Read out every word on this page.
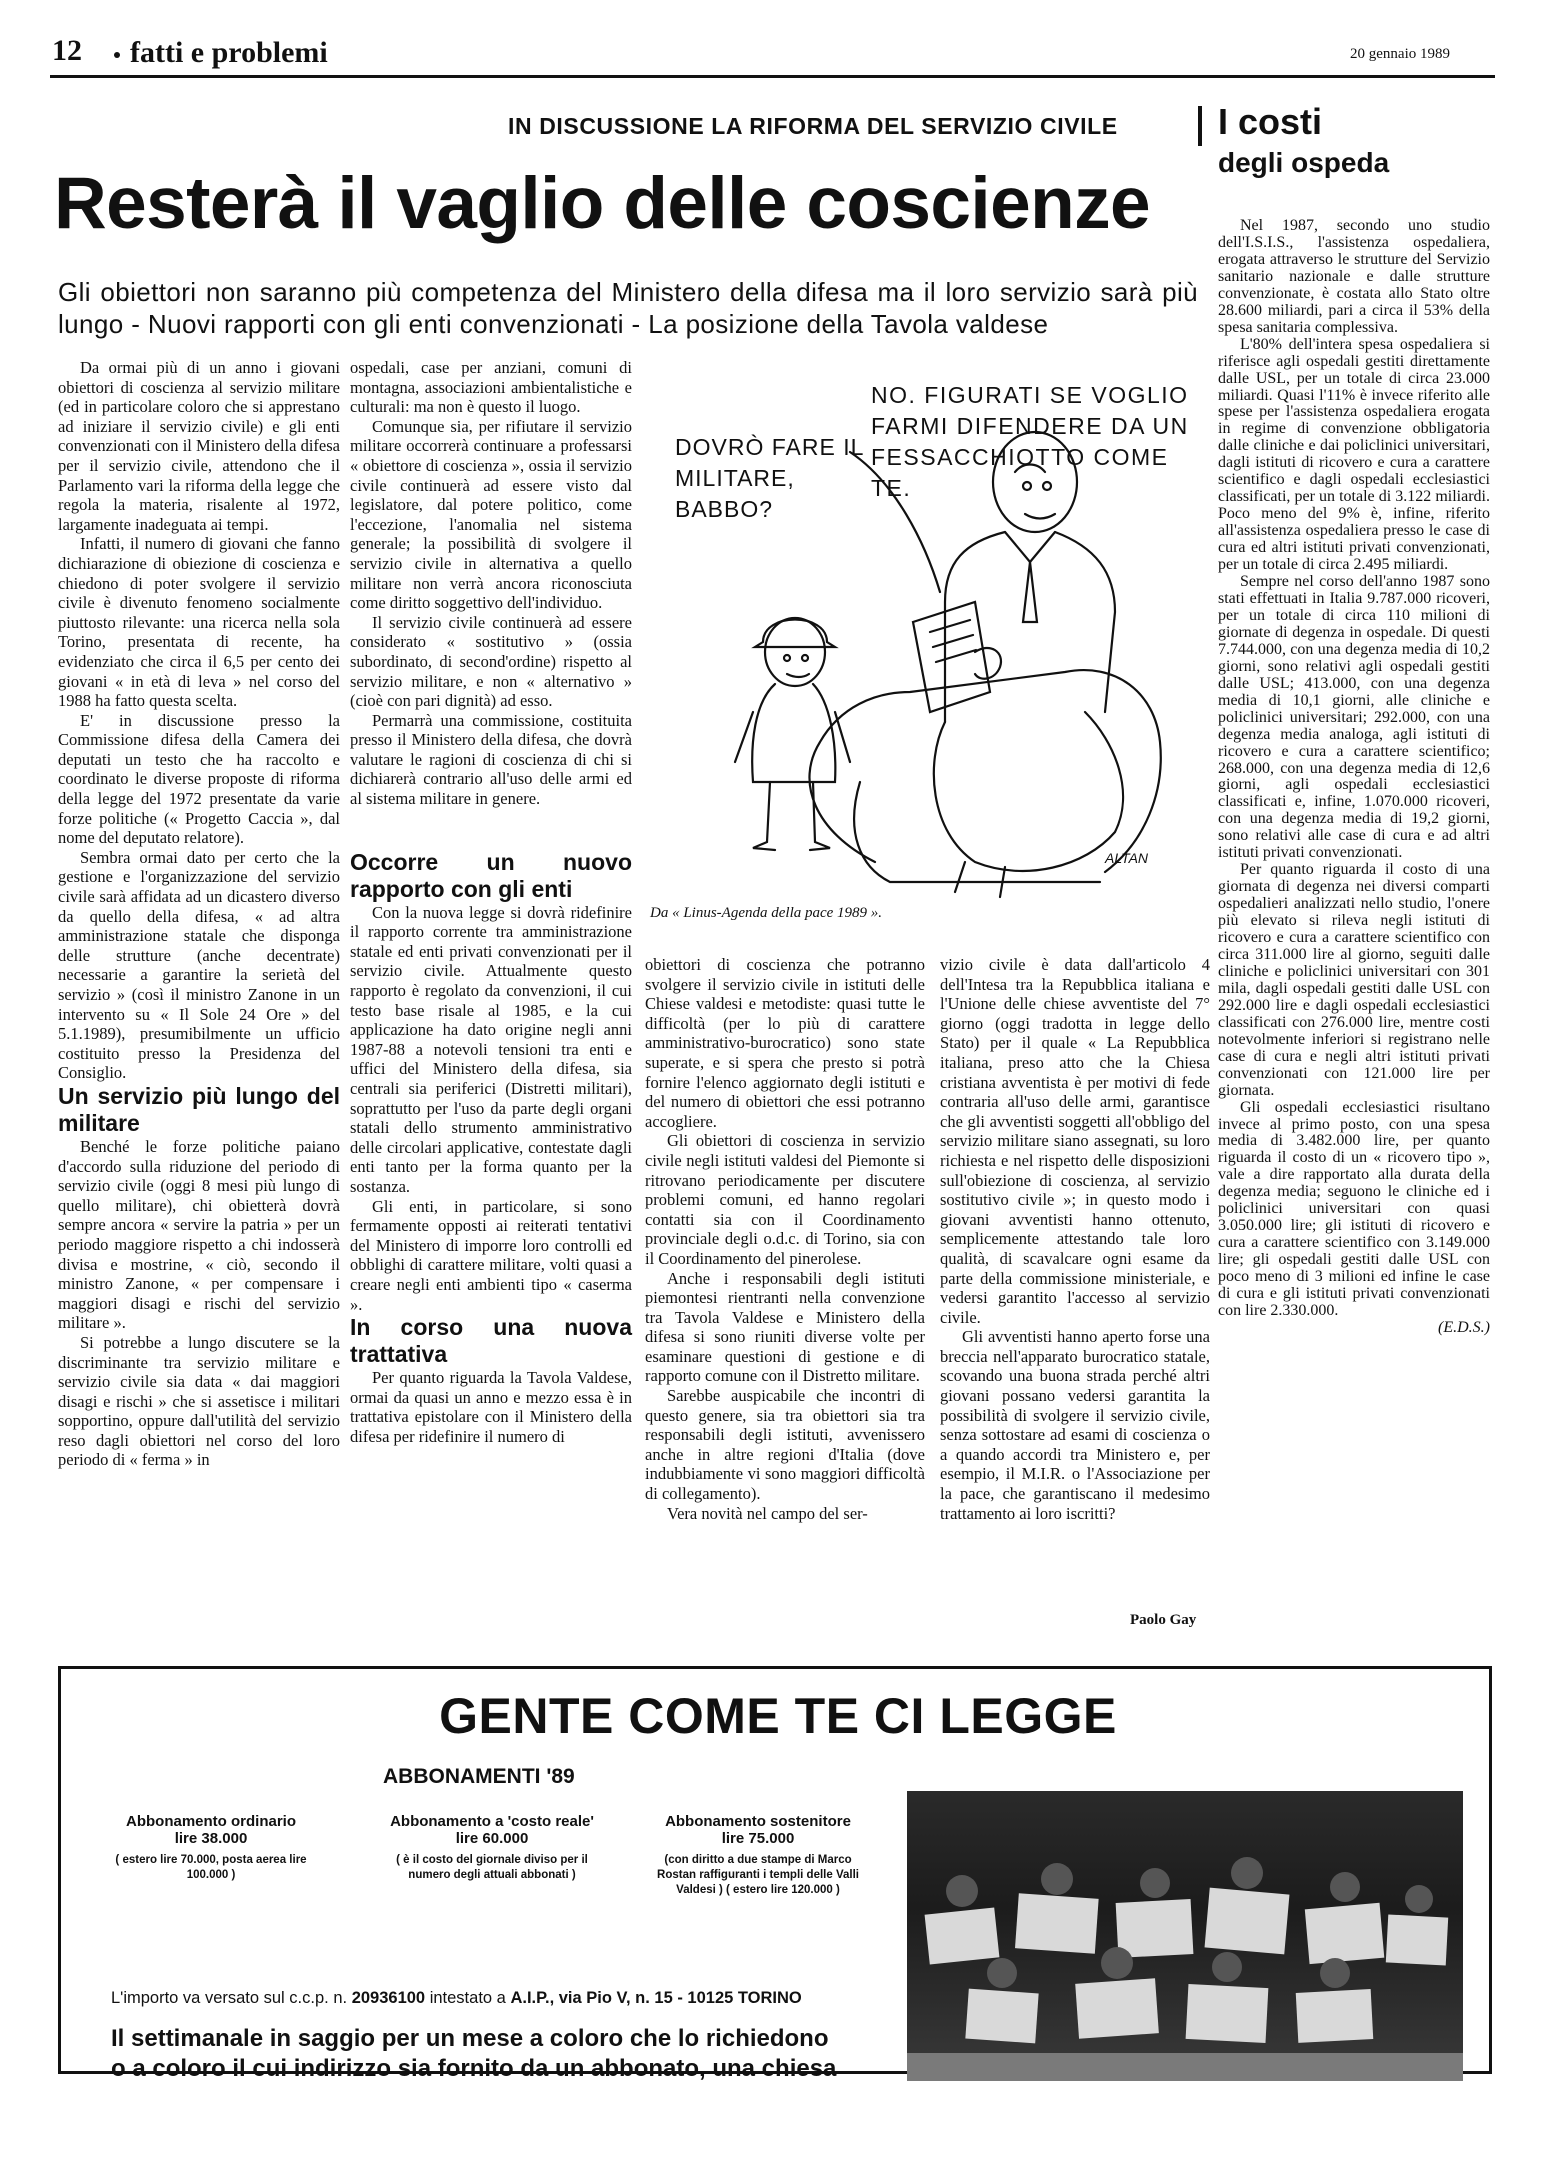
12 fatti e problemi	20 gennaio 1989
IN DISCUSSIONE LA RIFORMA DEL SERVIZIO CIVILE
Resterà il vaglio delle coscienze
Gli obiettori non saranno più competenza del Ministero della difesa ma il loro servizio sarà più lungo - Nuovi rapporti con gli enti convenzionati - La posizione della Tavola valdese

Da ormai più di un anno i giovani obiettori di coscienza al servizio militare (ed in particolare coloro che si apprestano ad iniziare il servizio civile) e gli enti convenzionati con il Ministero della difesa per il servizio civile, attendono che il Parlamento vari la riforma della legge che regola la materia, risalente al 1972, largamente inadeguata ai tempi.

Infatti, il numero di giovani che fanno dichiarazione di obiezione di coscienza e chiedono di poter svolgere il servizio civile è divenuto fenomeno socialmente piuttosto rilevante: una ricerca nella sola Torino, presentata di recente, ha evidenziato che circa il 6,5 per cento dei giovani « in età di leva » nel corso del 1988 ha fatto questa scelta.

E' in discussione presso la Commissione difesa della Camera dei deputati un testo che ha raccolto e coordinato le diverse proposte di riforma della legge del 1972 presentate da varie forze politiche (« Progetto Caccia », dal nome del deputato relatore).

Sembra ormai dato per certo che la gestione e l'organizzazione del servizio civile sarà affidata ad un dicastero diverso da quello della difesa, « ad altra amministrazione statale che disponga delle strutture (anche decentrate) necessarie a garantire la serietà del servizio » (così il ministro Zanone in un intervento su « Il Sole 24 Ore » del 5.1.1989), presumibilmente un ufficio costituito presso la Presidenza del Consiglio.

Un servizio più lungo del militare

Benché le forze politiche paiano d'accordo sulla riduzione del periodo di servizio civile (oggi 8 mesi più lungo di quello militare), chi obietterà dovrà sempre ancora « servire la patria » per un periodo maggiore rispetto a chi indosserà divisa e mostrine, « ciò, secondo il ministro Zanone, « per compensare i maggiori disagi e rischi del servizio militare ».

Si potrebbe a lungo discutere se la discriminante tra servizio militare e servizio civile sia data « dai maggiori disagi e rischi » che si assetisce i militari sopportino, oppure dall'utilità del servizio reso dagli obiettori nel corso del loro periodo di « ferma » in

ospedali, case per anziani, comuni di montagna, associazioni ambientalistiche e culturali: ma non è questo il luogo.

Comunque sia, per rifiutare il servizio militare occorrerà continuare a professarsi « obiettore di coscienza », ossia il servizio civile continuerà ad essere visto dal legislatore, dal potere politico, come l'eccezione, l'anomalia nel sistema generale; la possibilità di svolgere il servizio civile in alternativa a quello militare non verrà ancora riconosciuta come diritto soggettivo dell'individuo.

Il servizio civile continuerà ad essere considerato « sostitutivo » (ossia subordinato, di second'ordine) rispetto al servizio militare, e non « alternativo » (cioè con pari dignità) ad esso.

Permarrà una commissione, costituita presso il Ministero della difesa, che dovrà valutare le ragioni di coscienza di chi si dichiarerà contrario all'uso delle armi ed al sistema militare in genere.

Occorre un nuovo rapporto con gli enti

Con la nuova legge si dovrà ridefinire il rapporto corrente tra amministrazione statale ed enti privati convenzionati per il servizio civile. Attualmente questo rapporto è regolato da convenzioni, il cui testo base risale al 1985, e la cui applicazione ha dato origine negli anni 1987-88 a notevoli tensioni tra enti e uffici del Ministero della difesa, sia centrali sia periferici (Distretti militari), soprattutto per l'uso da parte degli organi statali dello strumento amministrativo delle circolari applicative, contestate dagli enti tanto per la forma quanto per la sostanza.

Gli enti, in particolare, si sono fermamente opposti ai reiterati tentativi del Ministero di imporre loro controlli ed obblighi di carattere militare, volti quasi a creare negli enti ambienti tipo « caserma ».

In corso una nuova trattativa

Per quanto riguarda la Tavola Valdese, ormai da quasi un anno e mezzo essa è in trattativa epistolare con il Ministero della difesa per ridefinire il numero di

DOVRÒ FARE IL MILITARE, BABBO?
NO. FIGURATI SE VOGLIO FARMI DIFENDERE DA UN FESSACCHIOTTO COME TE.
ALTAN
Da « Linus-Agenda della pace 1989 ».

obiettori di coscienza che potranno svolgere il servizio civile in istituti delle Chiese valdesi e metodiste: quasi tutte le difficoltà (per lo più di carattere amministrativo-burocratico) sono state superate, e si spera che presto si potrà fornire l'elenco aggiornato degli istituti e del numero di obiettori che essi potranno accogliere.

Gli obiettori di coscienza in servizio civile negli istituti valdesi del Piemonte si ritrovano periodicamente per discutere problemi comuni, ed hanno regolari contatti sia con il Coordinamento provinciale degli o.d.c. di Torino, sia con il Coordinamento del pinerolese.

Anche i responsabili degli istituti piemontesi rientranti nella convenzione tra Tavola Valdese e Ministero della difesa si sono riuniti diverse volte per esaminare questioni di gestione e di rapporto comune con il Distretto militare.

Sarebbe auspicabile che incontri di questo genere, sia tra obiettori sia tra responsabili degli istituti, avvenissero anche in altre regioni d'Italia (dove indubbiamente vi sono maggiori difficoltà di collegamento).

Vera novità nel campo del ser-

vizio civile è data dall'articolo 4 dell'Intesa tra la Repubblica italiana e l'Unione delle chiese avventiste del 7° giorno (oggi tradotta in legge dello Stato) per il quale « La Repubblica italiana, preso atto che la Chiesa cristiana avventista è per motivi di fede contraria all'uso delle armi, garantisce che gli avventisti soggetti all'obbligo del servizio militare siano assegnati, su loro richiesta e nel rispetto delle disposizioni sull'obiezione di coscienza, al servizio sostitutivo civile »; in questo modo i giovani avventisti hanno ottenuto, semplicemente attestando tale loro qualità, di scavalcare ogni esame da parte della commissione ministeriale, e vedersi garantito l'accesso al servizio civile.

Gli avventisti hanno aperto forse una breccia nell'apparato burocratico statale, scovando una buona strada perché altri giovani possano vedersi garantita la possibilità di svolgere il servizio civile, senza sottostare ad esami di coscienza o a quando accordi tra Ministero e, per esempio, il M.I.R. o l'Associazione per la pace, che garantiscano il medesimo trattamento ai loro iscritti?

Paolo Gay
I costi
degli ospeda

Nel 1987, secondo uno studio dell'I.S.I.S., l'assistenza ospedaliera, erogata attraverso le strutture del Servizio sanitario nazionale e dalle strutture convenzionate, è costata allo Stato oltre 28.600 miliardi, pari a circa il 53% della spesa sanitaria complessiva.

L'80% dell'intera spesa ospedaliera si riferisce agli ospedali gestiti direttamente dalle USL, per un totale di circa 23.000 miliardi. Quasi l'11% è invece riferito alle spese per l'assistenza ospedaliera erogata in regime di convenzione obbligatoria dalle cliniche e dai policlinici universitari, dagli istituti di ricovero e cura a carattere scientifico e dagli ospedali ecclesiastici classificati, per un totale di 3.122 miliardi. Poco meno del 9% è, infine, riferito all'assistenza ospedaliera presso le case di cura ed altri istituti privati convenzionati, per un totale di circa 2.495 miliardi.

Sempre nel corso dell'anno 1987 sono stati effettuati in Italia 9.787.000 ricoveri, per un totale di circa 110 milioni di giornate di degenza in ospedale. Di questi 7.744.000, con una degenza media di 10,2 giorni, sono relativi agli ospedali gestiti dalle USL; 413.000, con una degenza media di 10,1 giorni, alle cliniche e policlinici universitari; 292.000, con una degenza media analoga, agli istituti di ricovero e cura a carattere scientifico; 268.000, con una degenza media di 12,6 giorni, agli ospedali ecclesiastici classificati e, infine, 1.070.000 ricoveri, con una degenza media di 19,2 giorni, sono relativi alle case di cura e ad altri istituti privati convenzionati.

Per quanto riguarda il costo di una giornata di degenza nei diversi comparti ospedalieri analizzati nello studio, l'onere più elevato si rileva negli istituti di ricovero e cura a carattere scientifico con circa 311.000 lire al giorno, seguiti dalle cliniche e policlinici universitari con 301 mila, dagli ospedali gestiti dalle USL con 292.000 lire e dagli ospedali ecclesiastici classificati con 276.000 lire, mentre costi notevolmente inferiori si registrano nelle case di cura e negli altri istituti privati convenzionati con 121.000 lire per giornata.

Gli ospedali ecclesiastici risultano invece al primo posto, con una spesa media di 3.482.000 lire, per quanto riguarda il costo di un « ricovero tipo », vale a dire rapportato alla durata della degenza media; seguono le cliniche ed i policlinici universitari con quasi 3.050.000 lire; gli istituti di ricovero e cura a carattere scientifico con 3.149.000 lire; gli ospedali gestiti dalle USL con poco meno di 3 milioni ed infine le case di cura e gli istituti privati convenzionati con lire 2.330.000.

(E.D.S.)
GENTE COME TE CI LEGGE
ABBONAMENTI '89
Abbonamento ordinario
lire 38.000
( estero lire 70.000, posta aerea lire 100.000 )
Abbonamento a 'costo reale'
lire 60.000
( è il costo del giornale diviso per il numero degli attuali abbonati )
Abbonamento sostenitore
lire 75.000
(con diritto a due stampe di Marco Rostan raffiguranti i templi delle Valli Valdesi ) ( estero lire 120.000 )
L'importo va versato sul c.c.p. n. 20936100 intestato a A.I.P., via Pio V, n. 15 - 10125 TORINO
Il settimanale in saggio per un mese a coloro che lo richiedono
o a coloro il cui indirizzo sia fornito da un abbonato, una chiesa
